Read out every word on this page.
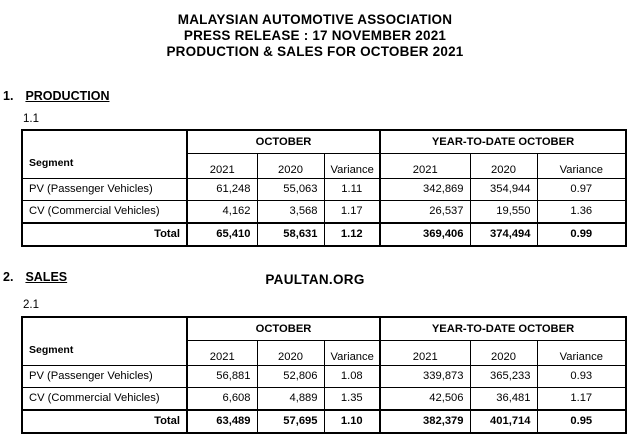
MALAYSIAN AUTOMOTIVE ASSOCIATION
PRESS RELEASE : 17 NOVEMBER 2021
PRODUCTION & SALES FOR OCTOBER 2021
1. PRODUCTION
1.1
	OCTOBER			YEAR-TO-DATE OCTOBER		
Segment	2021	2020	Variance	2021	2020	Variance
PV (Passenger Vehicles)	61,248	55,063	1.11	342,869	354,944	0.97
CV (Commercial Vehicles)	4,162	3,568	1.17	26,537	19,550	1.36
Total	65,410	58,631	1.12	369,406	374,494	0.99
2. SALES	PAULTAN.ORG
2.1
	OCTOBER			YEAR-TO-DATE OCTOBER		
Segment	2021	2020	Variance	2021	2020	Variance
PV (Passenger Vehicles)	56,881	52,806	1.08	339,873	365,233	0.93
CV (Commercial Vehicles)	6,608	4,889	1.35	42,506	36,481	1.17
Total	63,489	57,695	1.10	382,379	401,714	0.95
